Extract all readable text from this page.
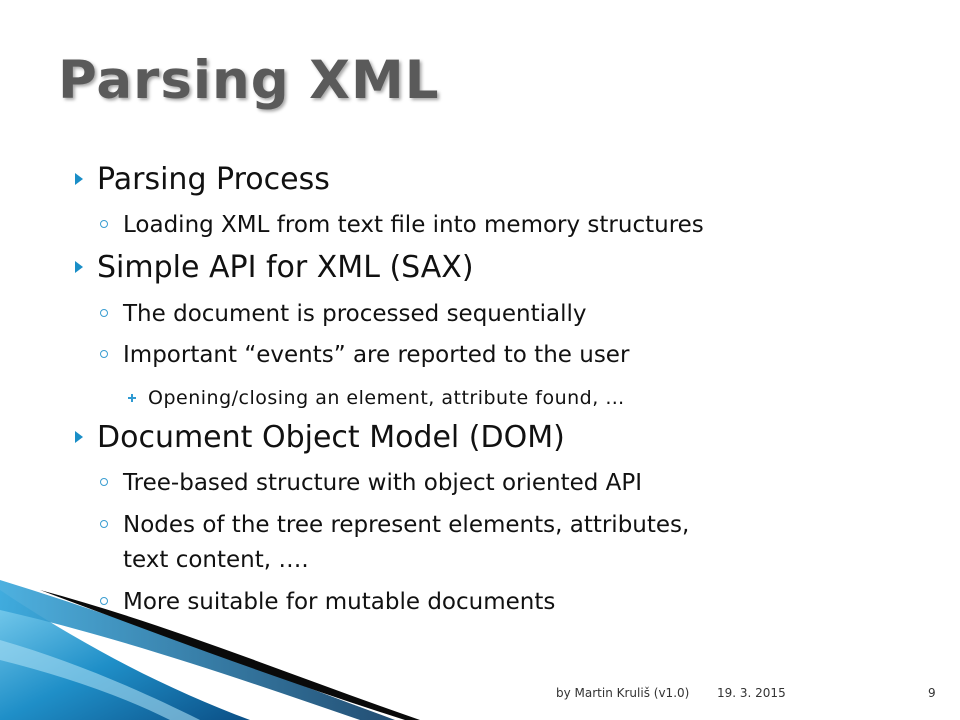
Parsing XML
Parsing Process
Loading XML from text file into memory structures
Simple API for XML (SAX)
The document is processed sequentially
Important “events” are reported to the user
Opening/closing an element, attribute found, …
Document Object Model (DOM)
Tree-based structure with object oriented API
Nodes of the tree represent elements, attributes,
text content, ….
More suitable for mutable documents
by Martin Kruliš (v1.0) 19. 3. 2015	9
